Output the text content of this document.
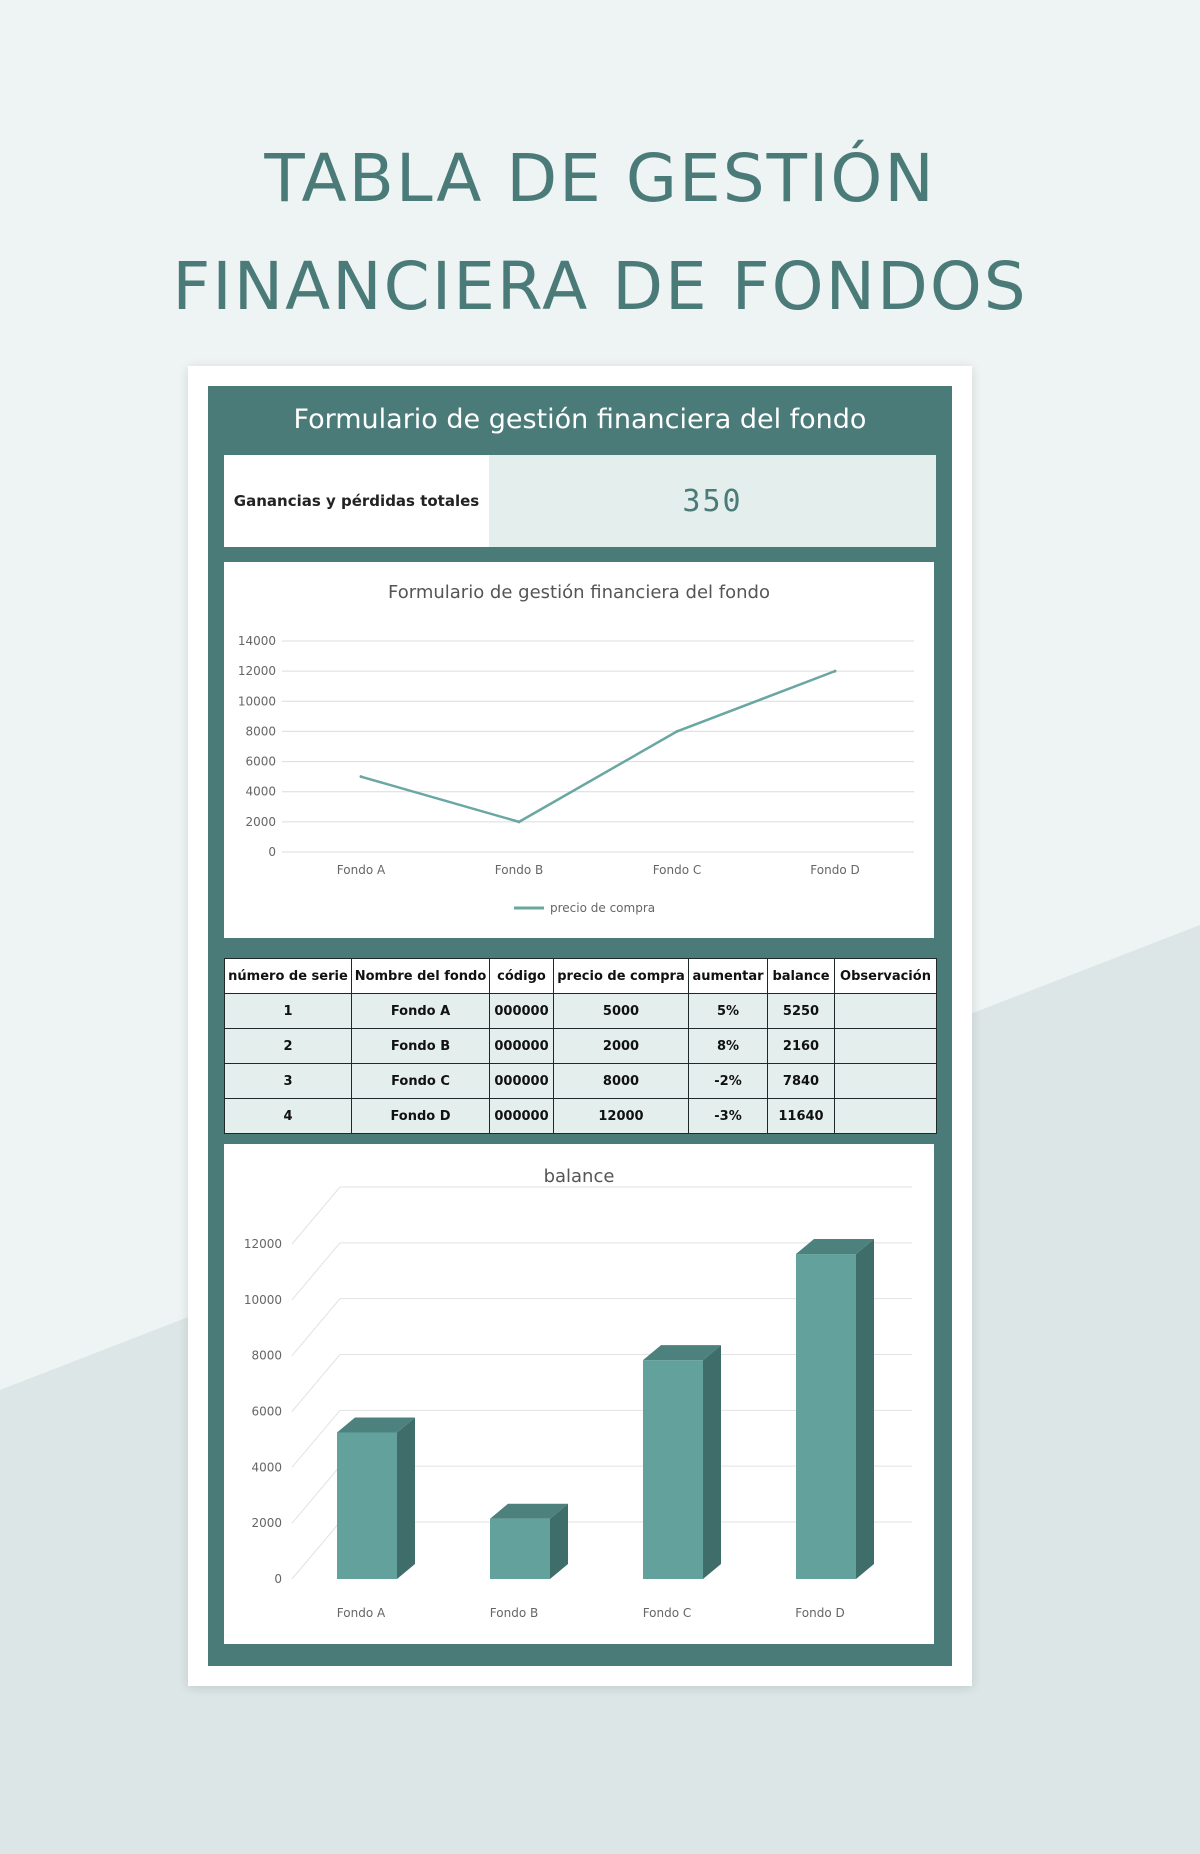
TABLA DE GESTIÓN
FINANCIERA DE FONDOS
Formulario de gestión financiera del fondo
Ganancias y pérdidas totales	350
Formulario de gestión financiera del fondo
0
2000
4000
6000
8000
10000
12000
14000
Fondo A	Fondo B	Fondo C	Fondo D
precio de compra
número de serie	Nombre del fondo	código	precio de compra	aumentar	balance	Observación
1	Fondo A	000000	5000	5%	5250	
2	Fondo B	000000	2000	8%	2160	
3	Fondo C	000000	8000	-2%	7840	
4	Fondo D	000000	12000	-3%	11640	
balance
0
2000
4000
6000
8000
10000
12000
Fondo A	Fondo B	Fondo C	Fondo D
